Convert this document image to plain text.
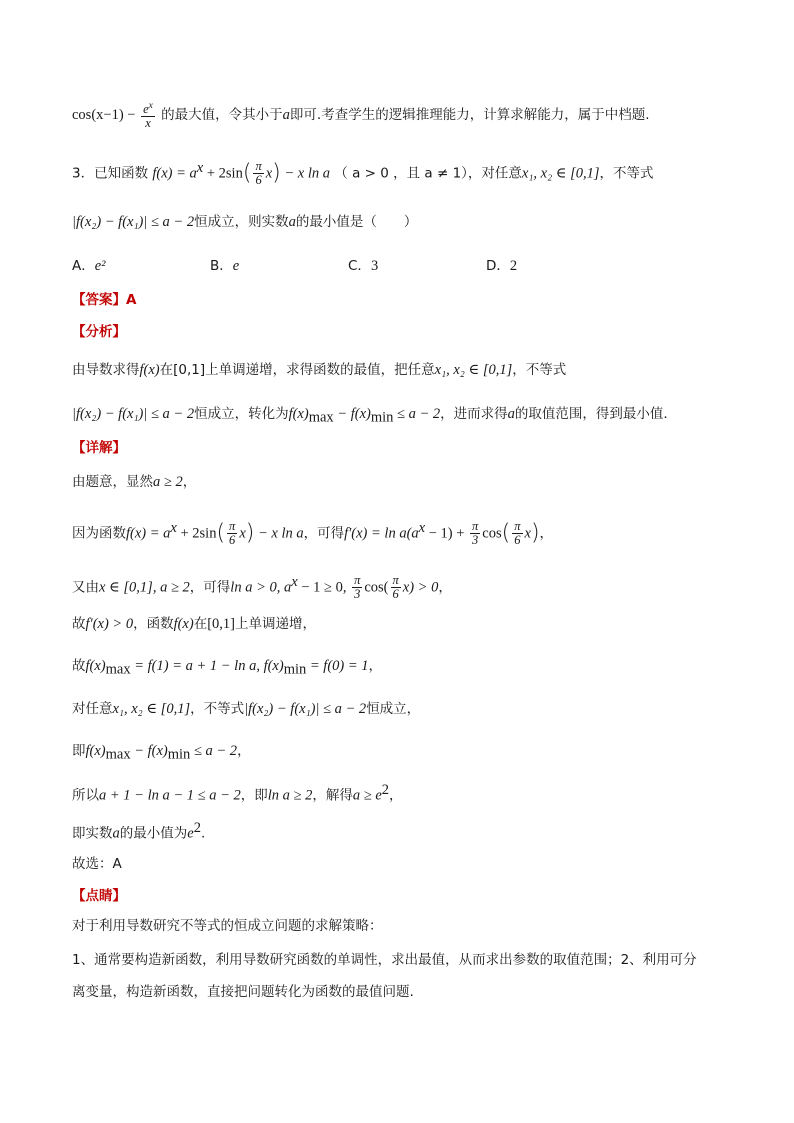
$\cos(x-1) - \frac{e^x}{x}$ 的最大值，令其小于a即可.考查学生的逻辑推理能力，计算求解能力，属于中档题.
3．已知函数 $f(x) = a^x + 2\sin( \frac{\pi}{6} x) - x$ ln a （ a > 0 ，且 a ≠ 1），对任意x₁, x₂ ∈ [0,1]，不等式
|f(x₂) − f(x₁)| ≤ a − 2恒成立，则实数a的最小值是（　　）
A．e²	B．e	C．3	D．2
【答案】A
【分析】
由导数求得f(x)在[0,1]上单调递增，求得函数的最值，把任意x₁, x₂ ∈ [0,1]，不等式
|f(x₂) − f(x₁)| ≤ a − 2恒成立，转化为$f(x)_{max} - f(x)_{min} \le a - 2$，进而求得a的取值范围，得到最小值.
【详解】
由题意，显然a ≥ 2，
因为函数$f(x) = a^x + 2\sin( \frac{\pi}{6} x) - x$ ln a，可得$f'(x) = \ln a(a^x - 1) + \frac{\pi}{3} \cos( \frac{\pi}{6} x)$，
又由x ∈ [0,1], a ≥ 2，可得ln a > 0, $a^x - 1 \ge 0$, $\frac{\pi}{3} \cos( \frac{\pi}{6} x) > 0$，
故f′(x) > 0，函数f(x)在[0,1]上单调递增，
故$f(x)_{max} = f(1) = a + 1 - \ln a$, $f(x)_{min} = f(0) = 1$，
对任意x₁, x₂ ∈ [0,1]，不等式|f(x₂) − f(x₁)| ≤ a − 2恒成立，
即$f(x)_{max} - f(x)_{min} \le a - 2$，
所以a + 1 − ln a − 1 ≤ a − 2，即ln a ≥ 2，解得$a \ge e^2$，
即实数a的最小值为$e^2$.
故选：A
【点睛】
对于利用导数研究不等式的恒成立问题的求解策略：
1、通常要构造新函数，利用导数研究函数的单调性，求出最值，从而求出参数的取值范围；2、利用可分
离变量，构造新函数，直接把问题转化为函数的最值问题.
